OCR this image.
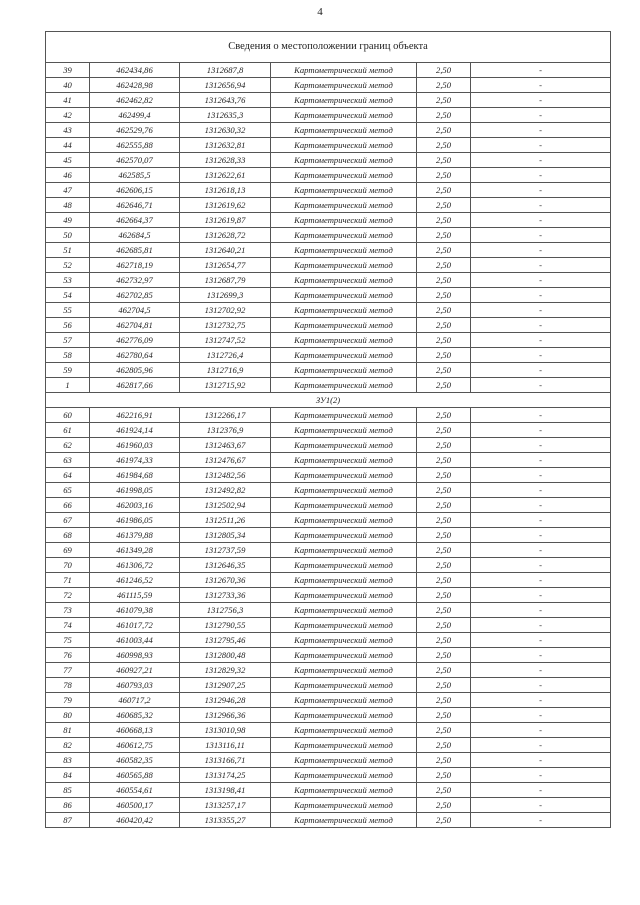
4
Сведения о местоположении границ объекта					
39	462434,86	1312687,8	Картометрический метод	2,50	-
40	462428,98	1312656,94	Картометрический метод	2,50	-
41	462462,82	1312643,76	Картометрический метод	2,50	-
42	462499,4	1312635,3	Картометрический метод	2,50	-
43	462529,76	1312630,32	Картометрический метод	2,50	-
44	462555,88	1312632,81	Картометрический метод	2,50	-
45	462570,07	1312628,33	Картометрический метод	2,50	-
46	462585,5	1312622,61	Картометрический метод	2,50	-
47	462606,15	1312618,13	Картометрический метод	2,50	-
48	462646,71	1312619,62	Картометрический метод	2,50	-
49	462664,37	1312619,87	Картометрический метод	2,50	-
50	462684,5	1312628,72	Картометрический метод	2,50	-
51	462685,81	1312640,21	Картометрический метод	2,50	-
52	462718,19	1312654,77	Картометрический метод	2,50	-
53	462732,97	1312687,79	Картометрический метод	2,50	-
54	462702,85	1312699,3	Картометрический метод	2,50	-
55	462704,5	1312702,92	Картометрический метод	2,50	-
56	462704,81	1312732,75	Картометрический метод	2,50	-
57	462776,09	1312747,52	Картометрический метод	2,50	-
58	462780,64	1312726,4	Картометрический метод	2,50	-
59	462805,96	1312716,9	Картометрический метод	2,50	-
1	462817,66	1312715,92	Картометрический метод	2,50	-
ЗУ1(2)					
60	462216,91	1312266,17	Картометрический метод	2,50	-
61	461924,14	1312376,9	Картометрический метод	2,50	-
62	461960,03	1312463,67	Картометрический метод	2,50	-
63	461974,33	1312476,67	Картометрический метод	2,50	-
64	461984,68	1312482,56	Картометрический метод	2,50	-
65	461998,05	1312492,82	Картометрический метод	2,50	-
66	462003,16	1312502,94	Картометрический метод	2,50	-
67	461986,05	1312511,26	Картометрический метод	2,50	-
68	461379,88	1312805,34	Картометрический метод	2,50	-
69	461349,28	1312737,59	Картометрический метод	2,50	-
70	461306,72	1312646,35	Картометрический метод	2,50	-
71	461246,52	1312670,36	Картометрический метод	2,50	-
72	461115,59	1312733,36	Картометрический метод	2,50	-
73	461079,38	1312756,3	Картометрический метод	2,50	-
74	461017,72	1312790,55	Картометрический метод	2,50	-
75	461003,44	1312795,46	Картометрический метод	2,50	-
76	460998,93	1312800,48	Картометрический метод	2,50	-
77	460927,21	1312829,32	Картометрический метод	2,50	-
78	460793,03	1312907,25	Картометрический метод	2,50	-
79	460717,2	1312946,28	Картометрический метод	2,50	-
80	460685,32	1312966,36	Картометрический метод	2,50	-
81	460668,13	1313010,98	Картометрический метод	2,50	-
82	460612,75	1313116,11	Картометрический метод	2,50	-
83	460582,35	1313166,71	Картометрический метод	2,50	-
84	460565,88	1313174,25	Картометрический метод	2,50	-
85	460554,61	1313198,41	Картометрический метод	2,50	-
86	460500,17	1313257,17	Картометрический метод	2,50	-
87	460420,42	1313355,27	Картометрический метод	2,50	-
